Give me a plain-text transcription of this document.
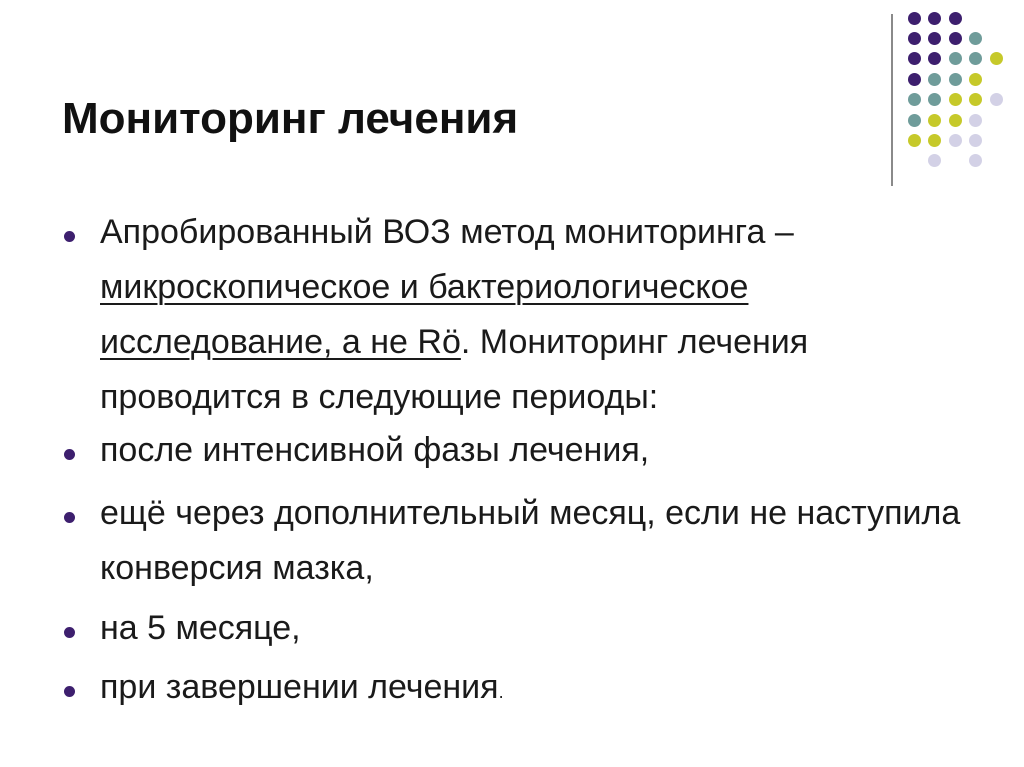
Мониторинг лечения
Апробированный ВОЗ метод мониторинга – микроскопическое и бактериологическое исследование, а не Rö. Мониторинг лечения проводится в следующие периоды:
после интенсивной фазы лечения,
ещё через дополнительный месяц, если не наступила конверсия мазка,
на 5 месяце,
при завершении лечения.
